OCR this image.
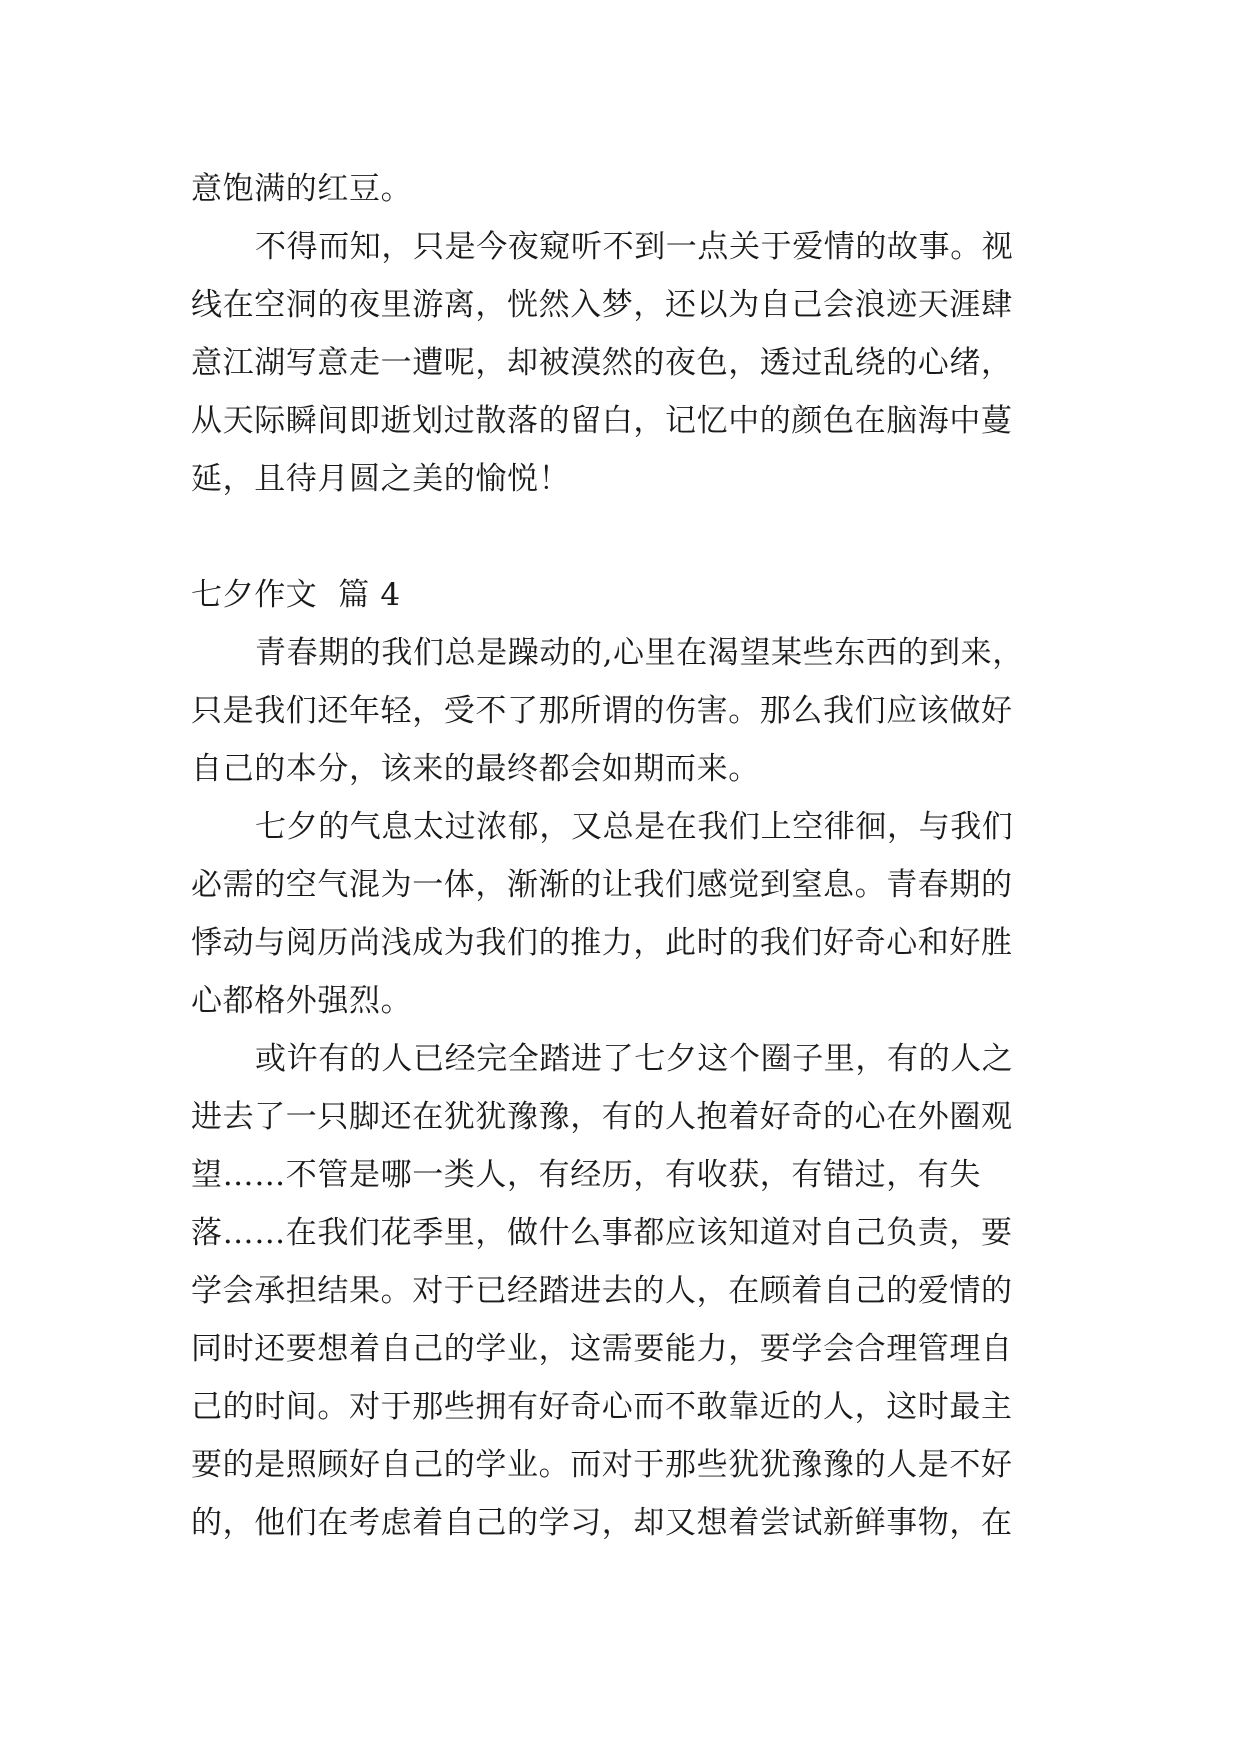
意饱满的红豆。
不得而知，只是今夜窥听不到一点关于爱情的故事。视
线在空洞的夜里游离，恍然入梦，还以为自己会浪迹天涯肆
意江湖写意走一遭呢，却被漠然的夜色，透过乱绕的心绪，
从天际瞬间即逝划过散落的留白，记忆中的颜色在脑海中蔓
延，且待月圆之美的愉悦！
七夕作文  篇 4
青春期的我们总是躁动的,心里在渴望某些东西的到来，
只是我们还年轻，受不了那所谓的伤害。那么我们应该做好
自己的本分，该来的最终都会如期而来。
七夕的气息太过浓郁，又总是在我们上空徘徊，与我们
必需的空气混为一体，渐渐的让我们感觉到窒息。青春期的
悸动与阅历尚浅成为我们的推力，此时的我们好奇心和好胜
心都格外强烈。
或许有的人已经完全踏进了七夕这个圈子里，有的人之
进去了一只脚还在犹犹豫豫，有的人抱着好奇的心在外圈观
望……不管是哪一类人，有经历，有收获，有错过，有失
落……在我们花季里，做什么事都应该知道对自己负责，要
学会承担结果。对于已经踏进去的人，在顾着自己的爱情的
同时还要想着自己的学业，这需要能力，要学会合理管理自
己的时间。对于那些拥有好奇心而不敢靠近的人，这时最主
要的是照顾好自己的学业。而对于那些犹犹豫豫的人是不好
的，他们在考虑着自己的学习，却又想着尝试新鲜事物，在
